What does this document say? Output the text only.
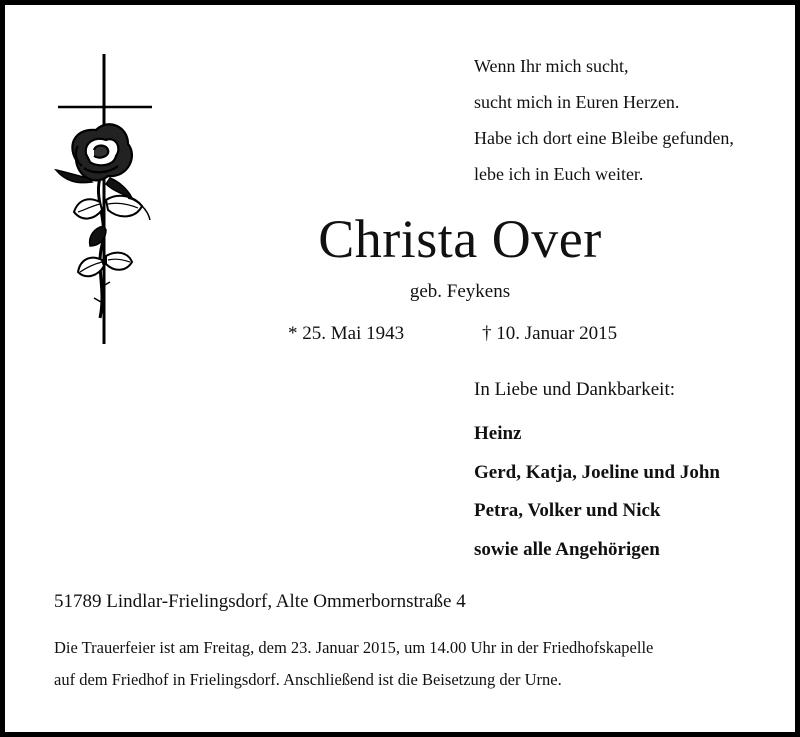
Wenn Ihr mich sucht,
sucht mich in Euren Herzen.
Habe ich dort eine Bleibe gefunden,
lebe ich in Euch weiter.
Christa Over
geb. Feykens
* 25. Mai 1943	† 10. Januar 2015
In Liebe und Dankbarkeit:
Heinz
Gerd, Katja, Joeline und John
Petra, Volker und Nick
sowie alle Angehörigen
51789 Lindlar-Frielingsdorf, Alte Ommerbornstraße 4
Die Trauerfeier ist am Freitag, dem 23. Januar 2015, um 14.00 Uhr in der Friedhofskapelle
auf dem Friedhof in Frielingsdorf. Anschließend ist die Beisetzung der Urne.
